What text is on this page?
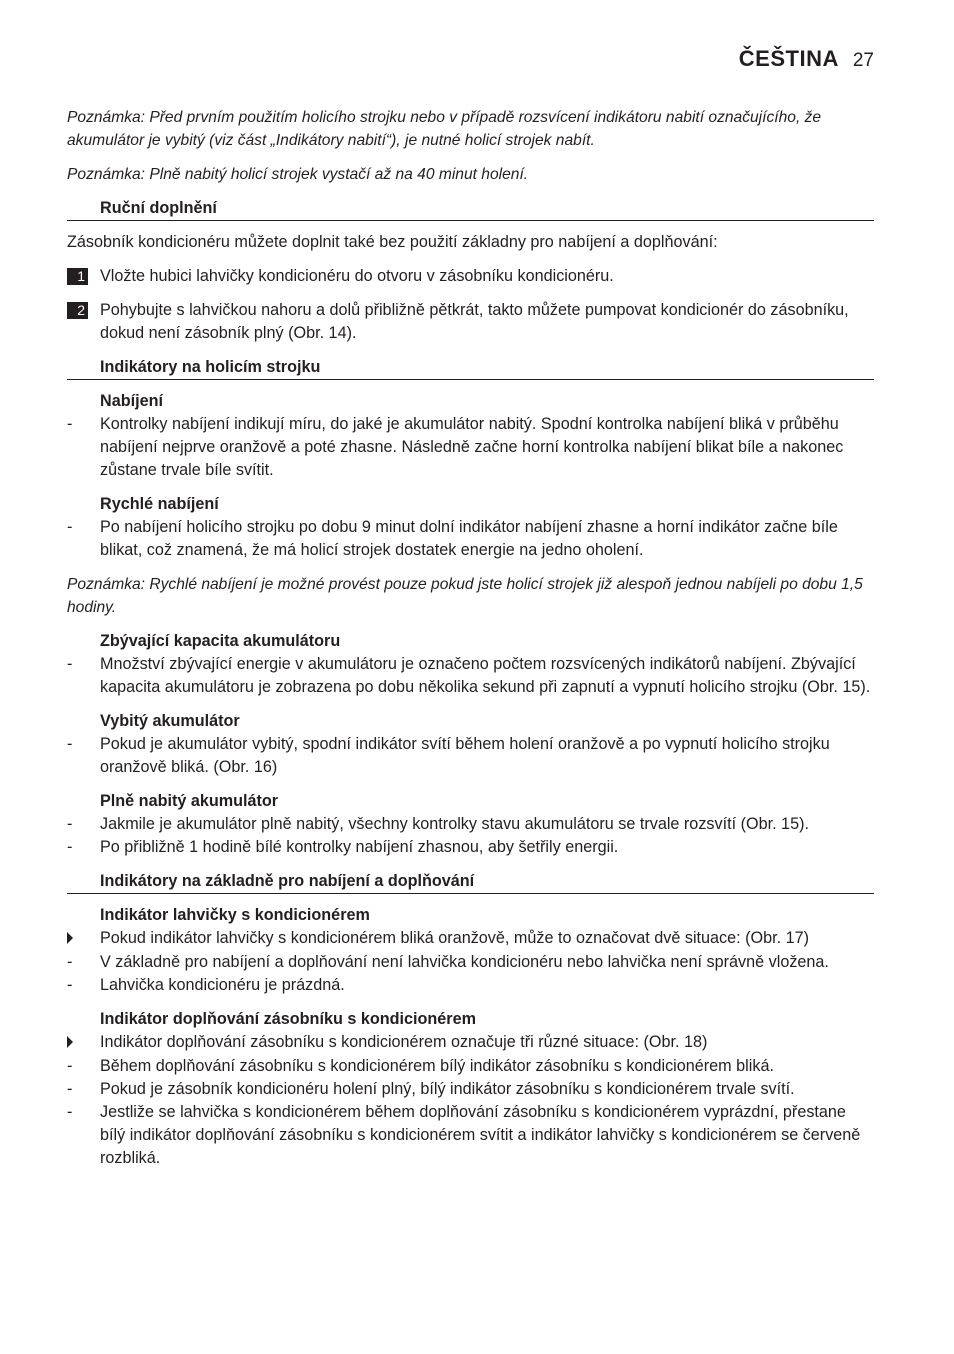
ČEŠTINA 27

Poznámka: Před prvním použitím holicího strojku nebo v případě rozsvícení indikátoru nabití označujícího, že akumulátor je vybitý (viz část „Indikátory nabití“), je nutné holicí strojek nabít.

Poznámka: Plně nabitý holicí strojek vystačí až na 40 minut holení.

Ruční doplnění

Zásobník kondicionéru můžete doplnit také bez použití základny pro nabíjení a doplňování:

1 Vložte hubici lahvičky kondicionéru do otvoru v zásobníku kondicionéru.
2 Pohybujte s lahvičkou nahoru a dolů přibližně pětkrát, takto můžete pumpovat kondicionér do zásobníku, dokud není zásobník plný (Obr. 14).
Indikátory na holicím strojku
Nabíjení
-	Kontrolky nabíjení indikují míru, do jaké je akumulátor nabitý. Spodní kontrolka nabíjení bliká v průběhu nabíjení nejprve oranžově a poté zhasne. Následně začne horní kontrolka nabíjení blikat bíle a nakonec zůstane trvale bíle svítit.
Rychlé nabíjení
-	Po nabíjení holicího strojku po dobu 9 minut dolní indikátor nabíjení zhasne a horní indikátor začne bíle blikat, což znamená, že má holicí strojek dostatek energie na jedno oholení.

Poznámka: Rychlé nabíjení je možné provést pouze pokud jste holicí strojek již alespoň jednou nabíjeli po dobu 1,5 hodiny.

Zbývající kapacita akumulátoru
-	Množství zbývající energie v akumulátoru je označeno počtem rozsvícených indikátorů nabíjení. Zbývající kapacita akumulátoru je zobrazena po dobu několika sekund při zapnutí a vypnutí holicího strojku (Obr. 15).
Vybitý akumulátor
-	Pokud je akumulátor vybitý, spodní indikátor svítí během holení oranžově a po vypnutí holicího strojku oranžově bliká. (Obr. 16)
Plně nabitý akumulátor
-	Jakmile je akumulátor plně nabitý, všechny kontrolky stavu akumulátoru se trvale rozsvítí (Obr. 15).
-	Po přibližně 1 hodině bílé kontrolky nabíjení zhasnou, aby šetřily energii.
Indikátory na základně pro nabíjení a doplňování
Indikátor lahvičky s kondicionérem
Pokud indikátor lahvičky s kondicionérem bliká oranžově, může to označovat dvě situace: (Obr. 17)
-	V základně pro nabíjení a doplňování není lahvička kondicionéru nebo lahvička není správně vložena.
-	Lahvička kondicionéru je prázdná.
Indikátor doplňování zásobníku s kondicionérem
Indikátor doplňování zásobníku s kondicionérem označuje tři různé situace: (Obr. 18)
-	Během doplňování zásobníku s kondicionérem bílý indikátor zásobníku s kondicionérem bliká.
-	Pokud je zásobník kondicionéru holení plný, bílý indikátor zásobníku s kondicionérem trvale svítí.
-	Jestliže se lahvička s kondicionérem během doplňování zásobníku s kondicionérem vyprázdní, přestane bílý indikátor doplňování zásobníku s kondicionérem svítit a indikátor lahvičky s kondicionérem se červeně rozbliká.
